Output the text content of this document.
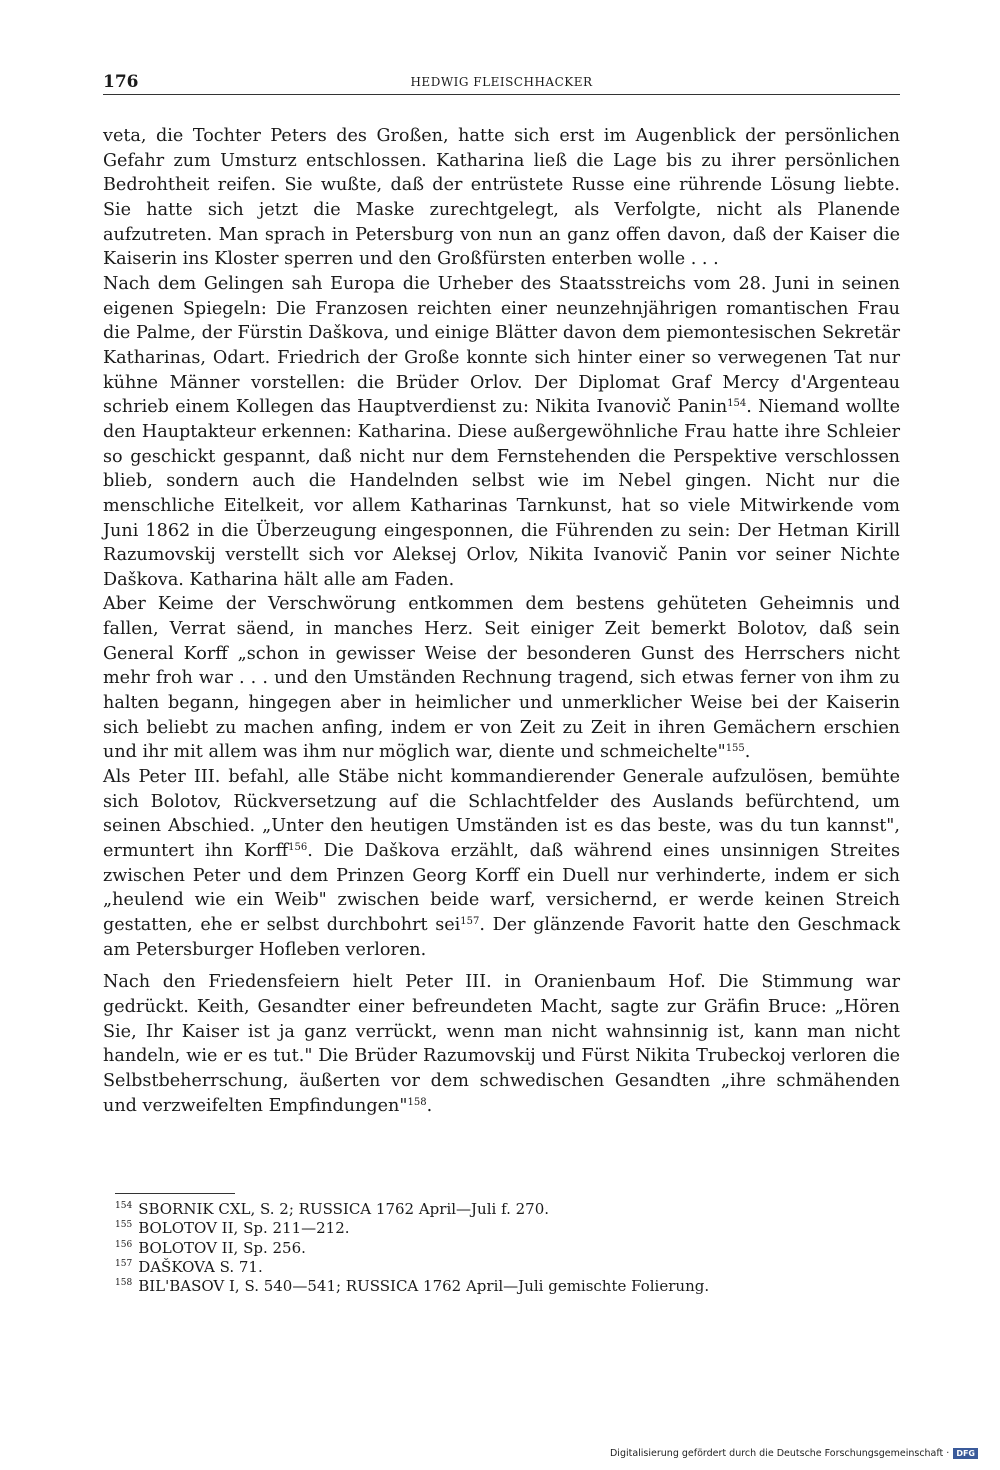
176	HEDWIG FLEISCHHACKER

veta, die Tochter Peters des Großen, hatte sich erst im Augenblick der persönlichen Gefahr zum Umsturz entschlossen. Katharina ließ die Lage bis zu ihrer persönlichen Bedrohtheit reifen. Sie wußte, daß der entrüstete Russe eine rührende Lösung liebte. Sie hatte sich jetzt die Maske zurechtgelegt, als Verfolgte, nicht als Planende aufzutreten. Man sprach in Petersburg von nun an ganz offen davon, daß der Kaiser die Kaiserin ins Kloster sperren und den Großfürsten enterben wolle . . .

Nach dem Gelingen sah Europa die Urheber des Staatsstreichs vom 28. Juni in seinen eigenen Spiegeln: Die Franzosen reichten einer neunzehnjährigen romantischen Frau die Palme, der Fürstin Daškova, und einige Blätter davon dem piemontesischen Sekretär Katharinas, Odart. Friedrich der Große konnte sich hinter einer so verwegenen Tat nur kühne Männer vorstellen: die Brüder Orlov. Der Diplomat Graf Mercy d'Argenteau schrieb einem Kollegen das Hauptverdienst zu: Nikita Ivanovič Panin$^{154}$. Niemand wollte den Hauptakteur erkennen: Katharina. Diese außergewöhnliche Frau hatte ihre Schleier so geschickt gespannt, daß nicht nur dem Fernstehenden die Perspektive verschlossen blieb, sondern auch die Handelnden selbst wie im Nebel gingen. Nicht nur die menschliche Eitelkeit, vor allem Katharinas Tarnkunst, hat so viele Mitwirkende vom Juni 1862 in die Überzeugung eingesponnen, die Führenden zu sein: Der Hetman Kirill Razumovskij verstellt sich vor Aleksej Orlov, Nikita Ivanovič Panin vor seiner Nichte Daškova. Katharina hält alle am Faden.

Aber Keime der Verschwörung entkommen dem bestens gehüteten Geheimnis und fallen, Verrat säend, in manches Herz. Seit einiger Zeit bemerkt Bolotov, daß sein General Korff „schon in gewisser Weise der besonderen Gunst des Herrschers nicht mehr froh war . . . und den Umständen Rechnung tragend, sich etwas ferner von ihm zu halten begann, hingegen aber in heimlicher und unmerklicher Weise bei der Kaiserin sich beliebt zu machen anfing, indem er von Zeit zu Zeit in ihren Gemächern erschien und ihr mit allem was ihm nur möglich war, diente und schmeichelte"$^{155}$.

Als Peter III. befahl, alle Stäbe nicht kommandierender Generale aufzulösen, bemühte sich Bolotov, Rückversetzung auf die Schlachtfelder des Auslands befürchtend, um seinen Abschied. „Unter den heutigen Umständen ist es das beste, was du tun kannst", ermuntert ihn Korff$^{156}$. Die Daškova erzählt, daß während eines unsinnigen Streites zwischen Peter und dem Prinzen Georg Korff ein Duell nur verhinderte, indem er sich „heulend wie ein Weib" zwischen beide warf, versichernd, er werde keinen Streich gestatten, ehe er selbst durchbohrt sei$^{157}$. Der glänzende Favorit hatte den Geschmack am Petersburger Hofleben verloren.

Nach den Friedensfeiern hielt Peter III. in Oranienbaum Hof. Die Stimmung war gedrückt. Keith, Gesandter einer befreundeten Macht, sagte zur Gräfin Bruce: „Hören Sie, Ihr Kaiser ist ja ganz verrückt, wenn man nicht wahnsinnig ist, kann man nicht handeln, wie er es tut." Die Brüder Razumovskij und Fürst Nikita Trubeckoj verloren die Selbstbeherrschung, äußerten vor dem schwedischen Gesandten „ihre schmähenden und verzweifelten Empfindungen"$^{158}$.

$^{154}$ SBORNIK CXL, S. 2; RUSSICA 1762 April—Juli f. 270.
$^{155}$ BOLOTOV II, Sp. 211—212.
$^{156}$ BOLOTOV II, Sp. 256.
$^{157}$ DAŠKOVA S. 71.
$^{158}$ BIL'BASOV I, S. 540—541; RUSSICA 1762 April—Juli gemischte Folierung.
Digitalisierung gefördert durch die Deutsche Forschungsgemeinschaft · DFG
